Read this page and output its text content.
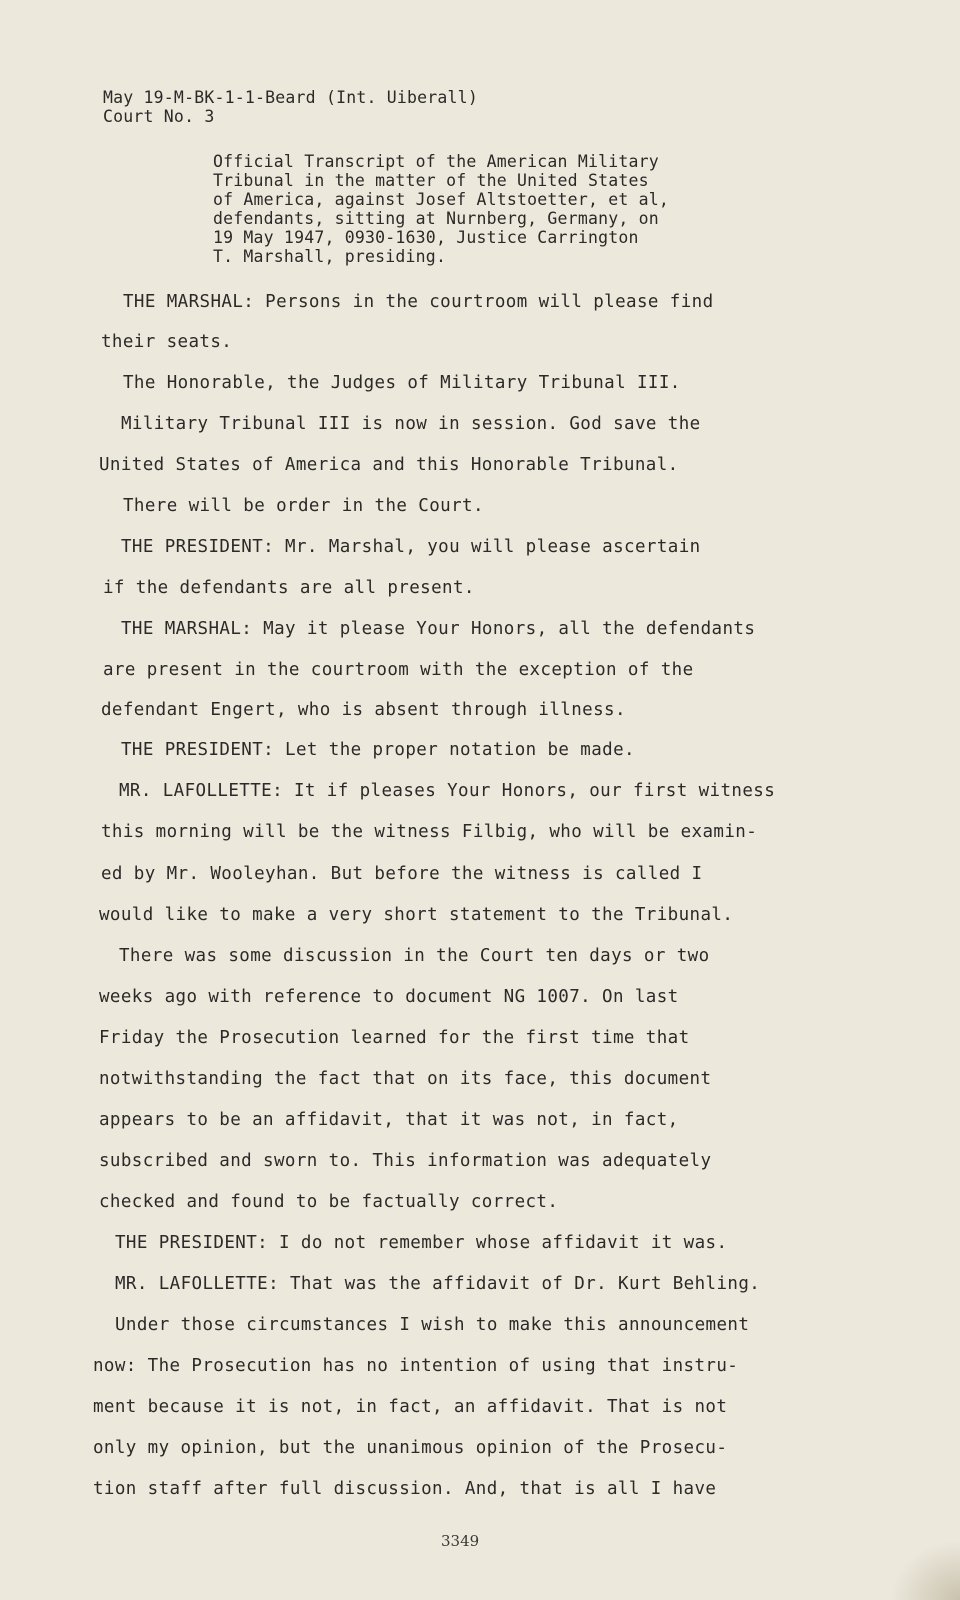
May 19-M-BK-1-1-Beard (Int. Uiberall)
Court No. 3
Official Transcript of the American Military
Tribunal in the matter of the United States
of America, against Josef Altstoetter, et al,
defendants, sitting at Nurnberg, Germany, on
19 May 1947, 0930-1630, Justice Carrington
T. Marshall, presiding.
THE MARSHAL: Persons in the courtroom will please find
their seats.
The Honorable, the Judges of Military Tribunal III.
Military Tribunal III is now in session. God save the
United States of America and this Honorable Tribunal.
There will be order in the Court.
THE PRESIDENT: Mr. Marshal, you will please ascertain
if the defendants are all present.
THE MARSHAL: May it please Your Honors, all the defendants
are present in the courtroom with the exception of the
defendant Engert, who is absent through illness.
THE PRESIDENT: Let the proper notation be made.
MR. LAFOLLETTE: It if pleases Your Honors, our first witness
this morning will be the witness Filbig, who will be examin-
ed by Mr. Wooleyhan. But before the witness is called I
would like to make a very short statement to the Tribunal.
There was some discussion in the Court ten days or two
weeks ago with reference to document NG 1007. On last
Friday the Prosecution learned for the first time that
notwithstanding the fact that on its face, this document
appears to be an affidavit, that it was not, in fact,
subscribed and sworn to. This information was adequately
checked and found to be factually correct.
THE PRESIDENT: I do not remember whose affidavit it was.
MR. LAFOLLETTE: That was the affidavit of Dr. Kurt Behling.
Under those circumstances I wish to make this announcement
now: The Prosecution has no intention of using that instru-
ment because it is not, in fact, an affidavit. That is not
only my opinion, but the unanimous opinion of the Prosecu-
tion staff after full discussion. And, that is all I have
3349
